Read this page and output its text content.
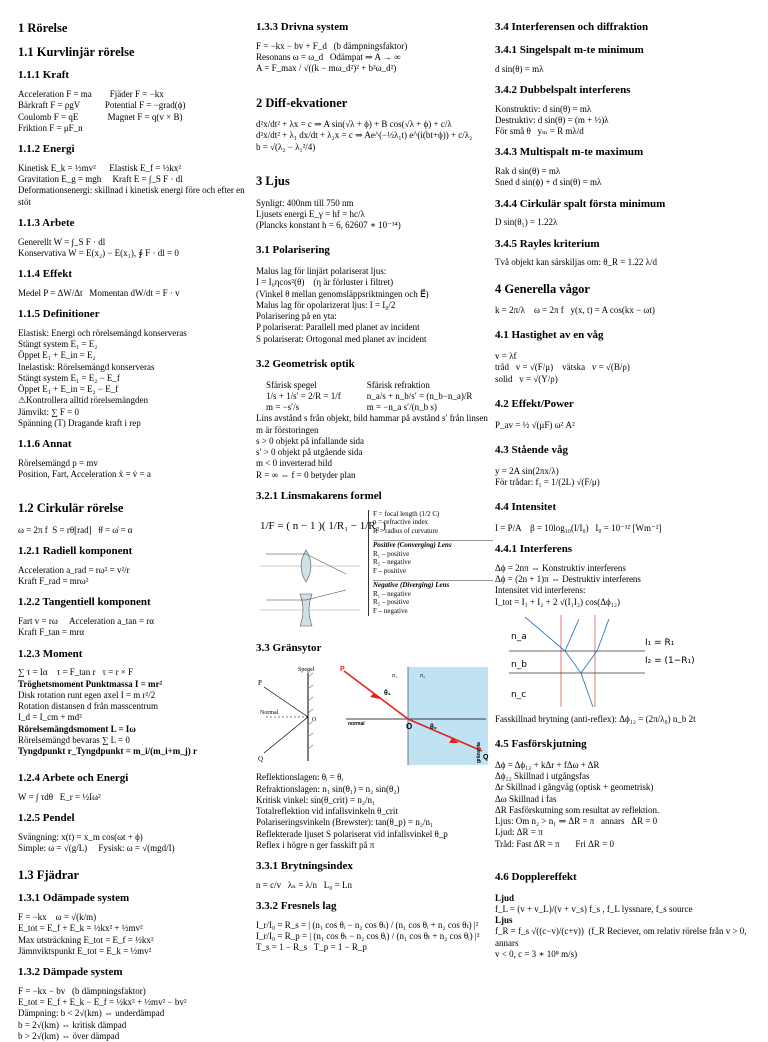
1 Rörelse
1.1 Kurvlinjär rörelse
1.1.1 Kraft
Acceleration F = ma        Fjäder F = −kx
Bärkraft F = ρgV           Potential F = −grad(ϕ)
Coulomb F = qE             Magnet F = q(v × B)
Friktion F = μF_n
1.1.2 Energi
Kinetisk E_k = ½mv²      Elastisk E_f = ½kx²
Gravitation E_g = mgh     Kraft E = ∫_S F · dl
Deformationsenergi: skillnad i kinetisk energi före och efter en stöt
1.1.3 Arbete
Generellt W = ∫_S F · dl
Konservativa W = E(x₂) − E(x₁), ∮ F · dl = 0
1.1.4 Effekt
Medel P = ΔW/Δt   Momentan dW/dt = F · v
1.1.5 Definitioner
Elastisk: Energi och rörelsemängd konserveras
Stängt system E₁ = E₂
Öppet E₁ + E_in = E₂
Inelastisk: Rörelsemängd konserveras
Stängt system E₁ = E₂ − E_f
Öppet E₁ + E_in = E₂ − E_f
⚠Kontrollera alltid rörelsemängden
Jämvikt: ∑ F = 0
Spänning (T) Dragande kraft i rep
1.1.6 Annat
Rörelsemängd p = mv
Position, Fart, Acceleration ẍ = v̇ = a
1.2 Cirkulär rörelse
ω = 2π f  S = rθ[rad]   θ̇ = ω̇ = α
1.2.1 Radiell komponent
Acceleration a_rad = rω² = v²/r
Kraft F_rad = mrω²
1.2.2 Tangentiell komponent
Fart v = rω     Acceleration a_tan = rα
Kraft F_tan = mrα
1.2.3 Moment
∑ τ = Iα    τ = F_tan r   τ = r × F
Tröghetsmoment Punktmassa I = mr²
Disk rotation runt egen axel I = m r²/2
Rotation distansen d från masscentrum
I_d = I_cm + md²
Rörelsemängdsmoment L = Iω
Rörelsemängd bevaras ∑ L = 0
Tyngdpunkt r_Tyngdpunkt = m_i/(m_i+m_j) r
1.2.4 Arbete och Energi
W = ∫ τdθ   E_r = ½Iω²
1.2.5 Pendel
Svängning: x(t) = x_m cos(ωt + ϕ)
Simple: ω = √(g/L)     Fysisk: ω = √(mgd/I)
1.3 Fjädrar
1.3.1 Odämpade system
F = −kx    ω = √(k/m)
E_tot = E_f + E_k = ½kx² + ½mv²
Max utsträckning E_tot = E_f = ½kx²
Jämnviktspunkt E_tot = E_k = ½mv²
1.3.2 Dämpade system
F = −kx − bv   (b dämpningsfaktor)
E_tot = E_f + E_k − E_f = ½kx² + ½mv² − bv²
Dämpning: b < 2√(km) ⇔ underdämpad
b = 2√(km) ⇔ kritisk dämpad
b > 2√(km) ⇔ över dämpad
1.3.3 Drivna system
F = −kx − bv + F_d   (b dämpningsfaktor)
Resonans ω = ω_d   Odämpat ⇒ A → ∞
A = F_max / √((k − mω_d²)² + b²ω_d²)
2 Diff-ekvationer
d²x/dt² + λx = c ⇒ A sin(√λ + ϕ) + B cos(√λ + ϕ) + c/λ
d²x/dt² + λ₁ dx/dt + λ₂x = c ⇒ Ae^(−½λ₁t) e^(i(bt+ϕ)) + c/λ₂
b = √(λ₂ − λ₁²/4)
3 Ljus
Synligt: 400nm till 750 nm
Ljusets energi E_γ = hf = hc/λ
(Plancks konstant h = 6, 62607 ∗ 10⁻³⁴)
3.1 Polarisering
Malus lag för linjärt polariserat ljus:
I = I₀ηcos²(θ)    (η är förluster i filtret)
(Vinkel θ mellan genomsläppsriktningen och E⃗)
Malus lag för opolarizerat ljus: I = I₀/2
Polarisering på en yta:
P polariserat: Parallell med planet av incident
S polariserat: Ortogonal med planet av incident
3.2 Geometrisk optik
Sfärisk spegel
1/s + 1/s′ = 2/R = 1/f
m = −s′/s
Sfärisk refraktion
n_a/s + n_b/s′ = (n_b−n_a)/R
m = −n_a s′/(n_b s)
Lins avstånd s från objekt, bild hammar på avstånd s′ från linsen
m är förstoringen
s > 0 objekt på infallande sida
s′ > 0 objekt på utgående sida
m < 0 inverterad bild
R = ∞ ⇔ f = 0 betyder plan
3.2.1 Linsmakarens formel
1/F = ( n − 1 )( 1/R₁ − 1/R₂ )
F = focal length (1/2 C)
n = refractive index
R = radius of curvature
Positive (Converging) Lens
R₁ – positive
R₂ – negative
F – positive
Negative (Diverging) Lens
R₁ – negative
R₂ – positive
F – negative
3.3 Gränsytor
Spegel
P
Normal
O
Q
P
O
Q
normal
θ₁
θ₂
n₁	n₂
gränsyta
Reflektionslagen: θᵢ = θᵣ
Refraktionslagen: n₁ sin(θ₁) = n₂ sin(θ₂)
Kritisk vinkel: sin(θ_crit) = n₂/n₁
Totalreflektion vid infallsvinkeln θ_crit
Polariseringsvinkeln (Brewster): tan(θ_p) = n₂/n₁
Reflekterade ljuset S polariserat vid infallsvinkel θ_p
Reflex i högre n ger fasskift på π
3.3.1 Brytningsindex
n = c/v   λₙ = λ/n   L₀ = Ln
3.3.2 Fresnels lag
I_r/I₀ = R_s = | (n₁ cos θᵢ − n₂ cos θₜ) / (n₁ cos θᵢ + n₂ cos θₜ) |²
I_r/I₀ = R_p = | (n₁ cos θₜ − n₂ cos θᵢ) / (n₁ cos θₜ + n₂ cos θᵢ) |²
T_s = 1 − R_s   T_p = 1 − R_p
3.4 Interferensen och diffraktion
3.4.1 Singelspalt m-te minimum
d sin(θ) = mλ
3.4.2 Dubbelspalt interferens
Konstruktiv: d sin(θ) = mλ
Destruktiv: d sin(θ) = (m + ½)λ
För små θ   yₘ = R mλ/d
3.4.3 Multispalt m-te maximum
Rak d sin(θ) = mλ
Sned d sin(ϕ) + d sin(θ) = mλ
3.4.4 Cirkulär spalt första minimum
D sin(θ₁) = 1.22λ
3.4.5 Rayles kriterium
Två objekt kan särskiljas om: θ_R = 1.22 λ/d
4 Generella vågor
k = 2π/λ    ω = 2π f   y(x, t) = A cos(kx − ωt)
4.1 Hastighet av en våg
v = λf
tråd   v = √(F/μ)    vätska   v = √(B/ρ)
solid   v = √(Y/ρ)
4.2 Effekt/Power
P_av = ½ √(μF) ω² A²
4.3 Stående våg
y = 2A sin(2πx/λ)
För trådar: f₁ = 1/(2L) √(F/μ)
4.4 Intensitet
I = P/A    β = 10log₁₀(I/I₀)   I₀ = 10⁻¹² [Wm⁻²]
4.4.1 Interferens
Δϕ = 2nπ ⇔ Konstruktiv interferens
Δϕ = (2n + 1)π ⇔ Destruktiv interferens
Intensitet vid interferens:
I_tot = I₁ + I₂ + 2 √(I₁I₂) cos(Δϕ₁₂)
n_a
n_b
n_c
I₁ = R₁
I₂ = (1−R₁)
Fasskillnad brytning (anti-reflex): Δϕ₁₂ = (2π/λ₀) n_b 2t
4.5 Fasförskjutning
Δϕ = Δϕ₁₂ + kΔr + fΔω + ΔR
Δϕ₁₂ Skillnad i utgångsfas
Δr Skillnad i gångväg (optisk + geometrisk)
Δω Skillnad i fas
ΔR Fasförskutning som resultat av reflektion.
Ljus: Om n₂ > n₁ ⇒ ΔR = π   annars   ΔR = 0
Ljud: ΔR = π
Tråd: Fast ΔR = π       Fri ΔR = 0
4.6 Dopplereffekt
Ljud
f_L = (v + v_L)/(v + v_s) f_s , f_L lyssnare, f_s source
Ljus
f_R = f_s √((c−v)/(c+v))  (f_R Reciever, om relativ rörelse från v > 0, annars
v < 0, c = 3 ∗ 10⁸ m/s)
